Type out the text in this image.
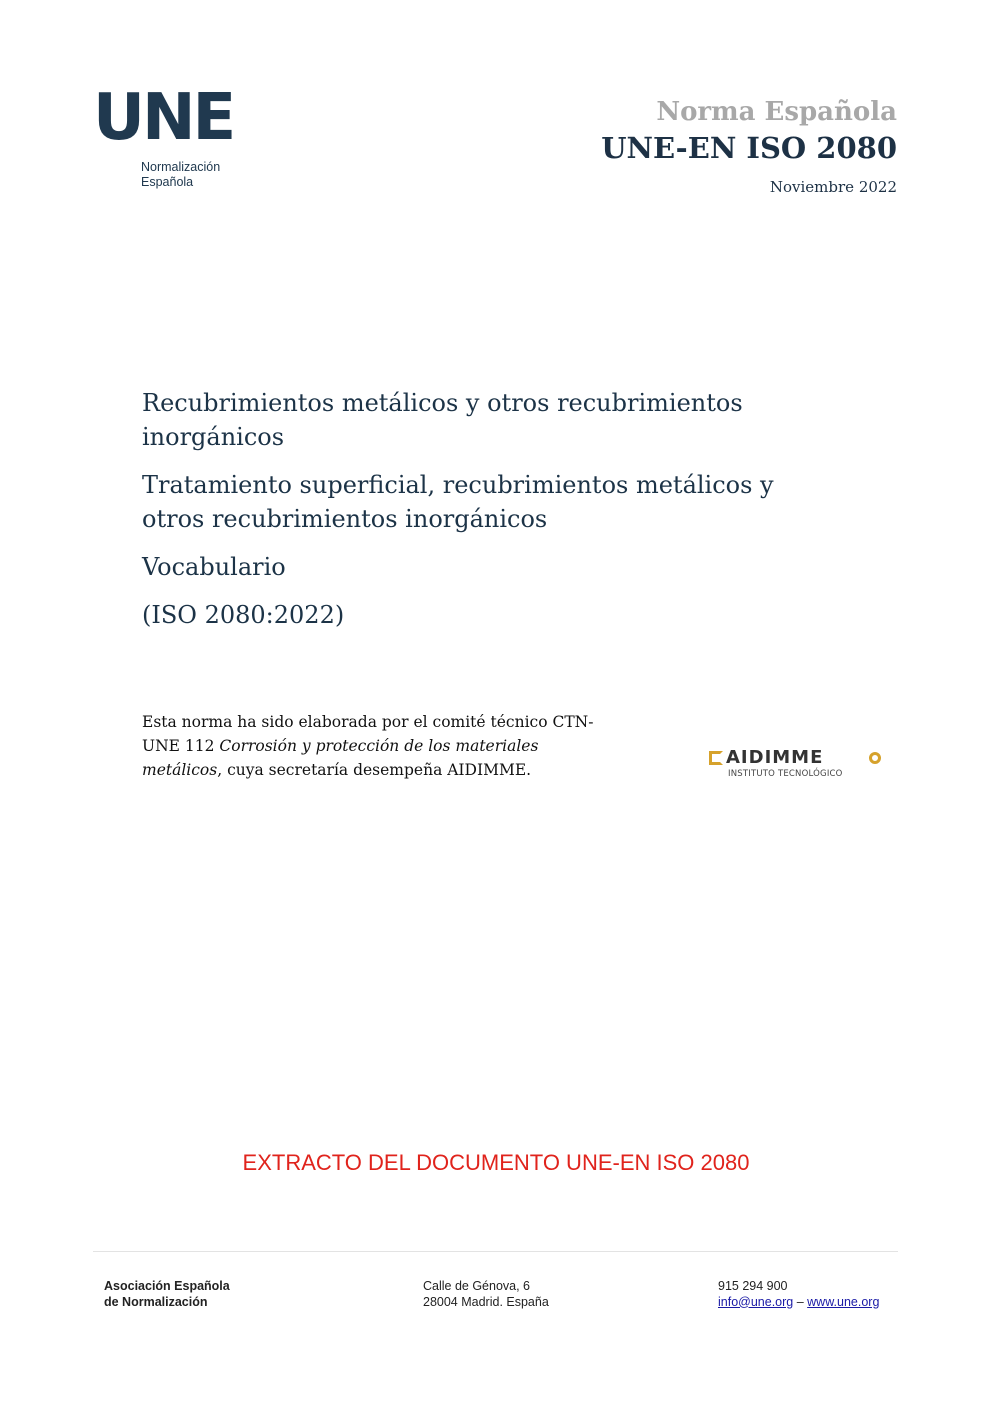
UNE
Normalización
Española
Norma Española
UNE-EN ISO 2080
Noviembre 2022

Recubrimientos metálicos y otros recubrimientos inorgánicos

Tratamiento superficial, recubrimientos metálicos y otros recubrimientos inorgánicos

Vocabulario

(ISO 2080:2022)

Esta norma ha sido elaborada por el comité técnico CTN-UNE 112 Corrosión y protección de los materiales metálicos, cuya secretaría desempeña AIDIMME.
AIDIMME
INSTITUTO TECNOLÓGICO
EXTRACTO DEL DOCUMENTO UNE-EN ISO 2080
Asociación Española
de Normalización
Calle de Génova, 6
28004 Madrid. España
915 294 900
info@une.org – www.une.org
